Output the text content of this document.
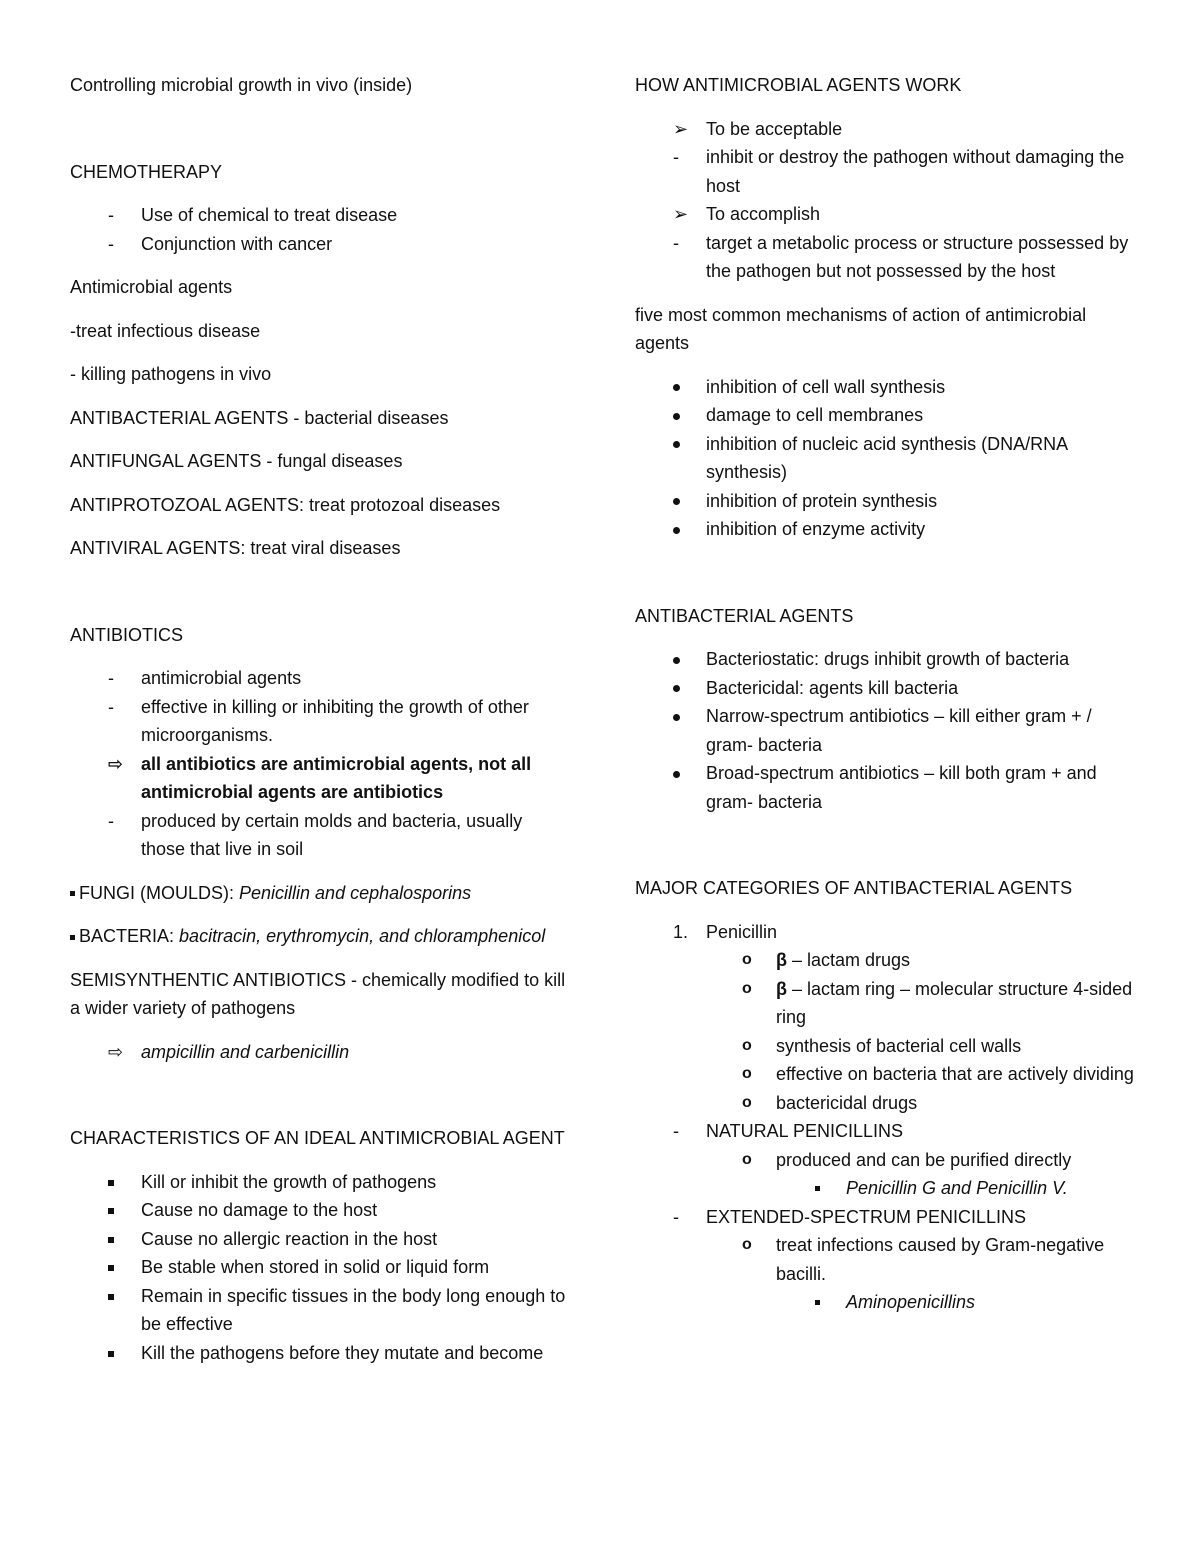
Controlling microbial growth in vivo (inside)
CHEMOTHERAPY
-	Use of chemical to treat disease
-	Conjunction with cancer
Antimicrobial agents
-treat infectious disease
- killing pathogens in vivo
ANTIBACTERIAL AGENTS - bacterial diseases
ANTIFUNGAL AGENTS - fungal diseases
ANTIPROTOZOAL AGENTS: treat protozoal diseases
ANTIVIRAL AGENTS: treat viral diseases
ANTIBIOTICS
-	antimicrobial agents
-	effective in killing or inhibiting the growth of other microorganisms.
⇨ all antibiotics are antimicrobial agents, not all antimicrobial agents are antibiotics
-	produced by certain molds and bacteria, usually those that live in soil
FUNGI (MOULDS): Penicillin and cephalosporins
BACTERIA: bacitracin, erythromycin, and chloramphenicol
SEMISYNTHENTIC ANTIBIOTICS - chemically modified to kill a wider variety of pathogens
⇨ ampicillin and carbenicillin
CHARACTERISTICS OF AN IDEAL ANTIMICROBIAL AGENT
Kill or inhibit the growth of pathogens
Cause no damage to the host
Cause no allergic reaction in the host
Be stable when stored in solid or liquid form
Remain in specific tissues in the body long enough to be effective
Kill the pathogens before they mutate and become
HOW ANTIMICROBIAL AGENTS WORK
➢ To be acceptable
-	inhibit or destroy the pathogen without damaging the host
➢ To accomplish
-	target a metabolic process or structure possessed by the pathogen but not possessed by the host
five most common mechanisms of action of antimicrobial agents
inhibition of cell wall synthesis
damage to cell membranes
inhibition of nucleic acid synthesis (DNA/RNA synthesis)
inhibition of protein synthesis
inhibition of enzyme activity
ANTIBACTERIAL AGENTS
Bacteriostatic: drugs inhibit growth of bacteria
Bactericidal: agents kill bacteria
Narrow-spectrum antibiotics – kill either gram + / gram- bacteria
Broad-spectrum antibiotics – kill both gram + and gram- bacteria
MAJOR CATEGORIES OF ANTIBACTERIAL AGENTS
1. Penicillin
o β – lactam drugs
o β – lactam ring – molecular structure 4-sided ring
o synthesis of bacterial cell walls
o effective on bacteria that are actively dividing
o bactericidal drugs
-	NATURAL PENICILLINS
o produced and can be purified directly
Penicillin G and Penicillin V.
-	EXTENDED-SPECTRUM PENICILLINS
o treat infections caused by Gram-negative bacilli.
Aminopenicillins
